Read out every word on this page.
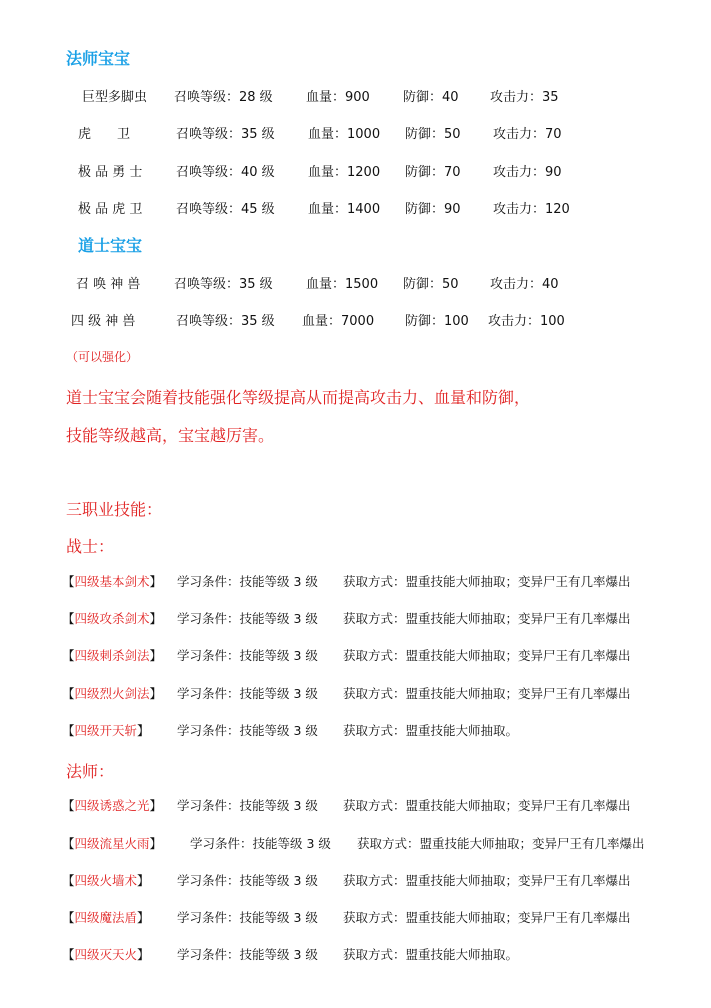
法师宝宝
巨型多脚虫 召唤等级：28 级	血量：900	防御：40 攻击力：35
虎　　卫	召唤等级：35 级	血量：1000 防御：50 攻击力：70
极 品 勇 士	召唤等级：40 级	血量：1200 防御：70 攻击力：90
极 品 虎 卫	召唤等级：45 级	血量：1400 防御：90 攻击力：120
道士宝宝
召 唤 神 兽	召唤等级：35 级	血量：1500 防御：50 攻击力：40
四 级 神 兽	召唤等级：35 级 血量：7000 防御：100 攻击力：100
（可以强化）
道士宝宝会随着技能强化等级提高从而提高攻击力、血量和防御，
技能等级越高，宝宝越厉害。
三职业技能：
战士：
【四级基本剑术】 学习条件：技能等级 3 级 获取方式：盟重技能大师抽取；变异尸王有几率爆出
【四级攻杀剑术】 学习条件：技能等级 3 级 获取方式：盟重技能大师抽取；变异尸王有几率爆出
【四级刺杀剑法】 学习条件：技能等级 3 级 获取方式：盟重技能大师抽取；变异尸王有几率爆出
【四级烈火剑法】 学习条件：技能等级 3 级 获取方式：盟重技能大师抽取；变异尸王有几率爆出
【四级开天斩】 学习条件：技能等级 3 级 获取方式：盟重技能大师抽取。
法师：
【四级诱惑之光】 学习条件：技能等级 3 级 获取方式：盟重技能大师抽取；变异尸王有几率爆出
【四级流星火雨】 学习条件：技能等级 3 级 获取方式：盟重技能大师抽取；变异尸王有几率爆出
【四级火墙术】 学习条件：技能等级 3 级 获取方式：盟重技能大师抽取；变异尸王有几率爆出
【四级魔法盾】 学习条件：技能等级 3 级 获取方式：盟重技能大师抽取；变异尸王有几率爆出
【四级灭天火】 学习条件：技能等级 3 级 获取方式：盟重技能大师抽取。
